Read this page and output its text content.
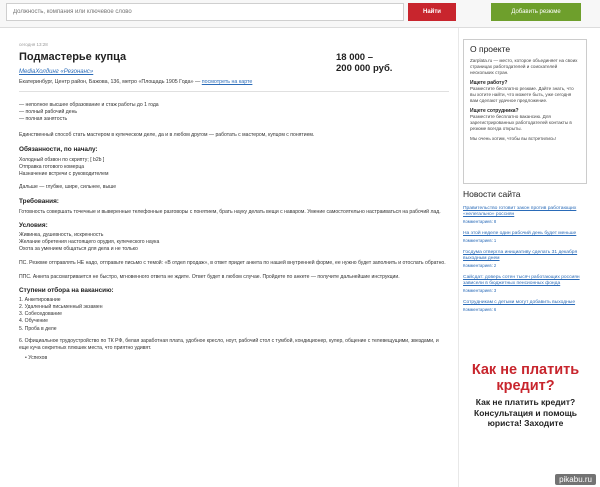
Должность, компания или ключевое слово
Найти	Добавить резюме
сегодня 13:28
Подмастерье купца	18 000 –
200 000 руб.
MediaХолдинг «Резонанс»
Екатеринбург, Центр район, Бажова, 136, метро «Площадь 1905 Года» — посмотреть на карте
— неполное высшее образование и стаж работы до 1 года
— полный рабочий день
— полная занятость
Единственный способ стать мастером в купеческом деле, да и в любом другом — работать с мастером, купцом с понятием.
Обязанности, по началу:
Холодный обзвон по скрипту; [ b2b ]
Отправка готового комерца
Назначение встречи с руководителем
Дальше — глубже, шире, сильнее, выше
Требования:
Готовность совершать точечные и выверенные телефонные разговоры с понятием, брать науку делать вещи с наваром. Умение самостоятельно настраиваться на рабочий лад.
Условия:
Живинка, душевность, искренность
Желание обретения настоящего орудия, купеческого наука
Охота за умением общаться для дела и не только
ПС. Резюме отправлять НЕ надо, отправьте письмо с темой: «В отдел продаж», в ответ придет анкета по нашей внутренней форме, ее нужно будет заполнить и отослать обратно.
ППС. Анкета рассматривается не быстро, мгновенного ответа не ждите. Ответ будет в любом случае. Пройдете по анкете — получите дальнейшие инструкции.
Ступени отбора на вакансию:
1. Анкетирование
2. Удаленный письменный экзамен
3. Собеседование
4. Обучение
5. Проба в деле
6. Официальное трудоустройство по ТК РФ, белая заработная плата, удобное кресло, ноут, рабочий стол с тумбой, кондиционер, кулер, общение с телевещущими, звездами, и еще куча секретных плюшек места, что приятно удивят.
• Успехов
О проекте
Zarplata.ru — место, которое объединяет на своих страницах работодателей и соискателей нескольких стран.
Ищете работу?
Разместите бесплатно резюме. Дайте знать, что вы хотите найти, что можете быть, уже сегодня вам сделают удачное предложение.
Ищете сотрудника?
Разместите бесплатно вакансию. Для зарегистрированных работодателей контакты в резюме всегда открыты.
Мы очень хотим, чтобы вы встретились!
Новости сайта
Правительство готовит закон против работающих «нелегально» россиян
Комментариев: 8
На этой неделе один рабочий день будет меньше
Комментариев: 1
Госдума отверглa инициативу сделать 31 декабря выходным днем
Комментариев: 2
Сайсдат: доверь сотен тысяч работающих россиян зависели в бюджетных пенсионных фонда
Комментариев: 3
Сотрудникам с детьми могут добавить выходные
Комментариев: 6
Как не платить кредит?
Как не платить кредит? Консультация и помощь юриста! Заходите
pikabu.ru
